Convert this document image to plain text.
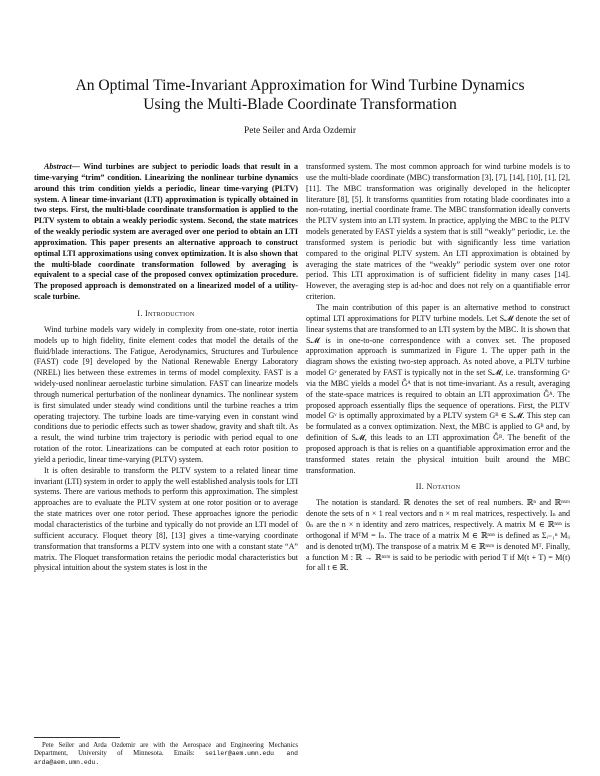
An Optimal Time-Invariant Approximation for Wind Turbine Dynamics
Using the Multi-Blade Coordinate Transformation
Pete Seiler and Arda Ozdemir

Abstract— Wind turbines are subject to periodic loads that result in a time-varying “trim” condition. Linearizing the nonlinear turbine dynamics around this trim condition yields a periodic, linear time-varying (PLTV) system. A linear time-invariant (LTI) approximation is typically obtained in two steps. First, the multi-blade coordinate transformation is applied to the PLTV system to obtain a weakly periodic system. Second, the state matrices of the weakly periodic system are averaged over one period to obtain an LTI approximation. This paper presents an alternative approach to construct optimal LTI approximations using convex optimization. It is also shown that the multi-blade coordinate transformation followed by averaging is equivalent to a special case of the proposed convex optimization procedure. The proposed approach is demonstrated on a linearized model of a utility-scale turbine.

I. Introduction

Wind turbine models vary widely in complexity from one-state, rotor inertia models up to high fidelity, finite element codes that model the details of the fluid/blade interactions. The Fatigue, Aerodynamics, Structures and Turbulence (FAST) code [9] developed by the National Renewable Energy Laboratory (NREL) lies between these extremes in terms of model complexity. FAST is a widely-used nonlinear aeroelastic turbine simulation. FAST can linearize models through numerical perturbation of the nonlinear dynamics. The nonlinear system is first simulated under steady wind conditions until the turbine reaches a trim operating trajectory. The turbine loads are time-varying even in constant wind conditions due to periodic effects such as tower shadow, gravity and shaft tilt. As a result, the wind turbine trim trajectory is periodic with period equal to one rotation of the rotor. Linearizations can be computed at each rotor position to yield a periodic, linear time-varying (PLTV) system.

It is often desirable to transform the PLTV system to a related linear time invariant (LTI) system in order to apply the well established analysis tools for LTI systems. There are various methods to perform this approximation. The simplest approaches are to evaluate the PLTV system at one rotor position or to average the state matrices over one rotor period. These approaches ignore the periodic modal characteristics of the turbine and typically do not provide an LTI model of sufficient accuracy. Floquet theory [8], [13] gives a time-varying coordinate transformation that transforms a PLTV system into one with a constant state “A” matrix. The Floquet transformation retains the periodic modal characteristics but physical intuition about the system states is lost in the

transformed system. The most common approach for wind turbine models is to use the multi-blade coordinate (MBC) transformation [3], [7], [14], [10], [1], [2], [11]. The MBC transformation was originally developed in the helicopter literature [8], [5]. It transforms quantities from rotating blade coordinates into a non-rotating, inertial coordinate frame. The MBC transformation ideally converts the PLTV system into an LTI system. In practice, applying the MBC to the PLTV models generated by FAST yields a system that is still “weakly” periodic, i.e. the transformed system is periodic but with significantly less time variation compared to the original PLTV system. An LTI approximation is obtained by averaging the state matrices of the “weakly” periodic system over one rotor period. This LTI approximation is of sufficient fidelity in many cases [14]. However, the averaging step is ad-hoc and does not rely on a quantifiable error criterion.

The main contribution of this paper is an alternative method to construct optimal LTI approximations for PLTV turbine models. Let S𝓜 denote the set of linear systems that are transformed to an LTI system by the MBC. It is shown that S𝓜 is in one-to-one correspondence with a convex set. The proposed approximation approach is summarized in Figure 1. The upper path in the diagram shows the existing two-step approach. As noted above, a PLTV turbine model Gᵛ generated by FAST is typically not in the set S𝓜, i.e. transforming Gᵛ via the MBC yields a model Ĝᴬ that is not time-invariant. As a result, averaging of the state-space matrices is required to obtain an LTI approximation Ĝᴬ. The proposed approach essentially flips the sequence of operations. First, the PLTV model Gᵛ is optimally approximated by a PLTV system Gᴮ ∈ S𝓜. This step can be formulated as a convex optimization. Next, the MBC is applied to Gᴮ and, by definition of S𝓜, this leads to an LTI approximation Ĝᴮ. The benefit of the proposed approach is that is relies on a quantifiable approximation error and the transformed states retain the physical intuition built around the MBC transformation.

II. Notation

The notation is standard. ℝ denotes the set of real numbers. ℝⁿ and ℝⁿˣᵐ denote the sets of n × 1 real vectors and n × m real matrices, respectively. Iₙ and 0ₙ are the n × n identity and zero matrices, respectively. A matrix M ∈ ℝⁿˣⁿ is orthogonal if MᵀM = Iₙ. The trace of a matrix M ∈ ℝⁿˣⁿ is defined as Σᵢ₌₁ⁿ Mᵢᵢ and is denoted tr(M). The transpose of a matrix M ∈ ℝⁿˣᵐ is denoted Mᵀ. Finally, a function M : ℝ → ℝⁿˣᵐ is said to be periodic with period T if M(t + T) = M(t) for all t ∈ ℝ.

Pete Seiler and Arda Ozdemir are with the Aerospace and Engineering Mechanics Department, University of Minnesota. Emails: seiler@aem.umn.edu and arda@aem.umn.edu.
